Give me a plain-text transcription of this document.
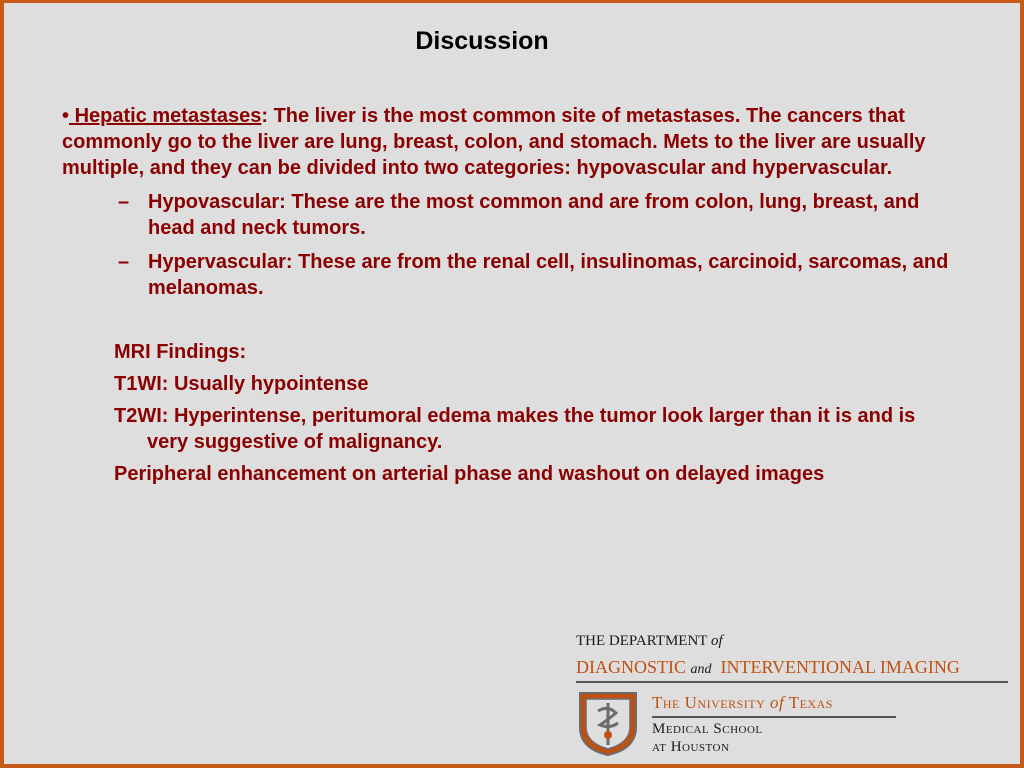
Discussion

• Hepatic metastases: The liver is the most common site of metastases. The cancers that commonly go to the liver are lung, breast, colon, and stomach. Mets to the liver are usually multiple, and they can be divided into two categories: hypovascular and hypervascular.

– Hypovascular: These are the most common and are from colon, lung, breast, and head and neck tumors.
– Hypervascular: These are from the renal cell, insulinomas, carcinoid, sarcomas, and melanomas.
MRI Findings:
T1WI: Usually hypointense
T2WI: Hyperintense, peritumoral edema makes the tumor look larger than it is and is very suggestive of malignancy.
Peripheral enhancement on arterial phase and washout on delayed images
THE DEPARTMENT of
DIAGNOSTIC and INTERVENTIONAL IMAGING
The University of Texas
Medical School
at Houston
